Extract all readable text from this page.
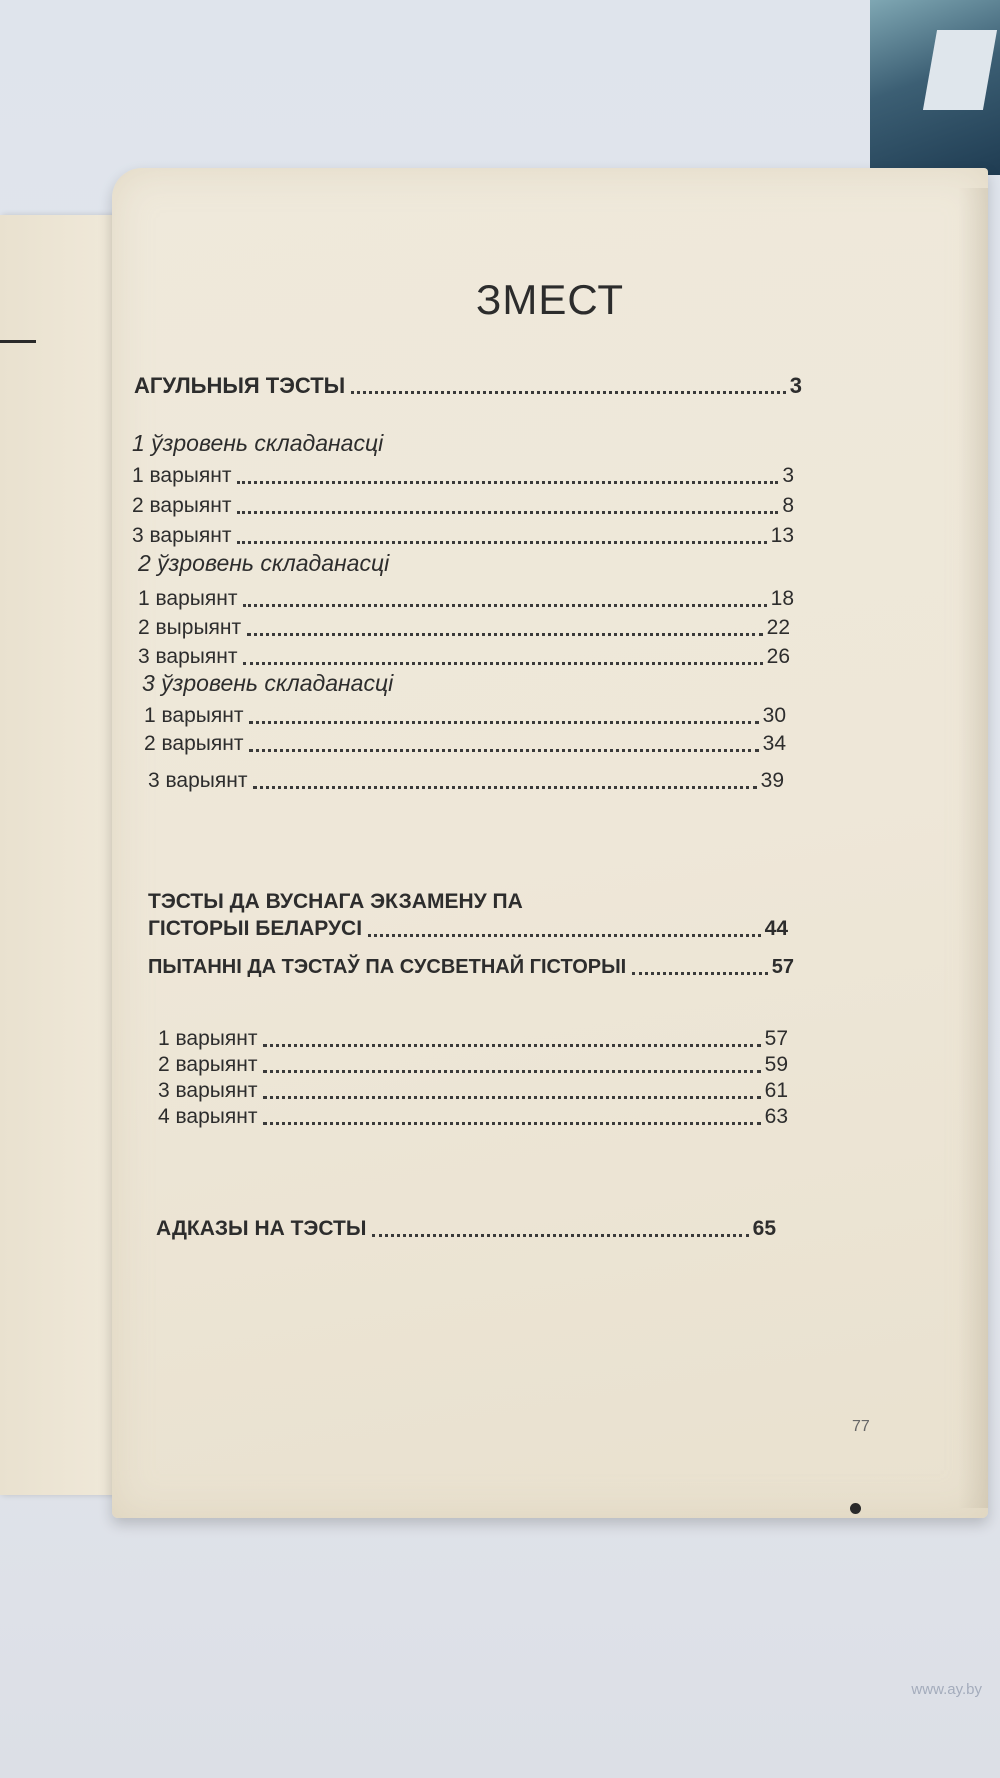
ЗМЕСТ
АГУЛЬНЫЯ ТЭСТЫ	3
1 ўзровень складанасці
1 варыянт	3
2 варыянт	8
3 варыянт	13
2 ўзровень складанасці
1 варыянт	18
2 вырыянт	22
3 варыянт	26
3 ўзровень складанасці
1 варыянт	30
2 варыянт	34
3 варыянт	39
ТЭСТЫ ДА ВУСНАГА ЭКЗАМЕНУ ПА
ГІСТОРЫІ БЕЛАРУСІ	44
ПЫТАННІ ДА ТЭСТАЎ ПА СУСВЕТНАЙ ГІСТОРЫІ	57
1 варыянт	57
2 варыянт	59
3 варыянт	61
4 варыянт	63
АДКАЗЫ НА ТЭСТЫ	65
77
www.ay.by
